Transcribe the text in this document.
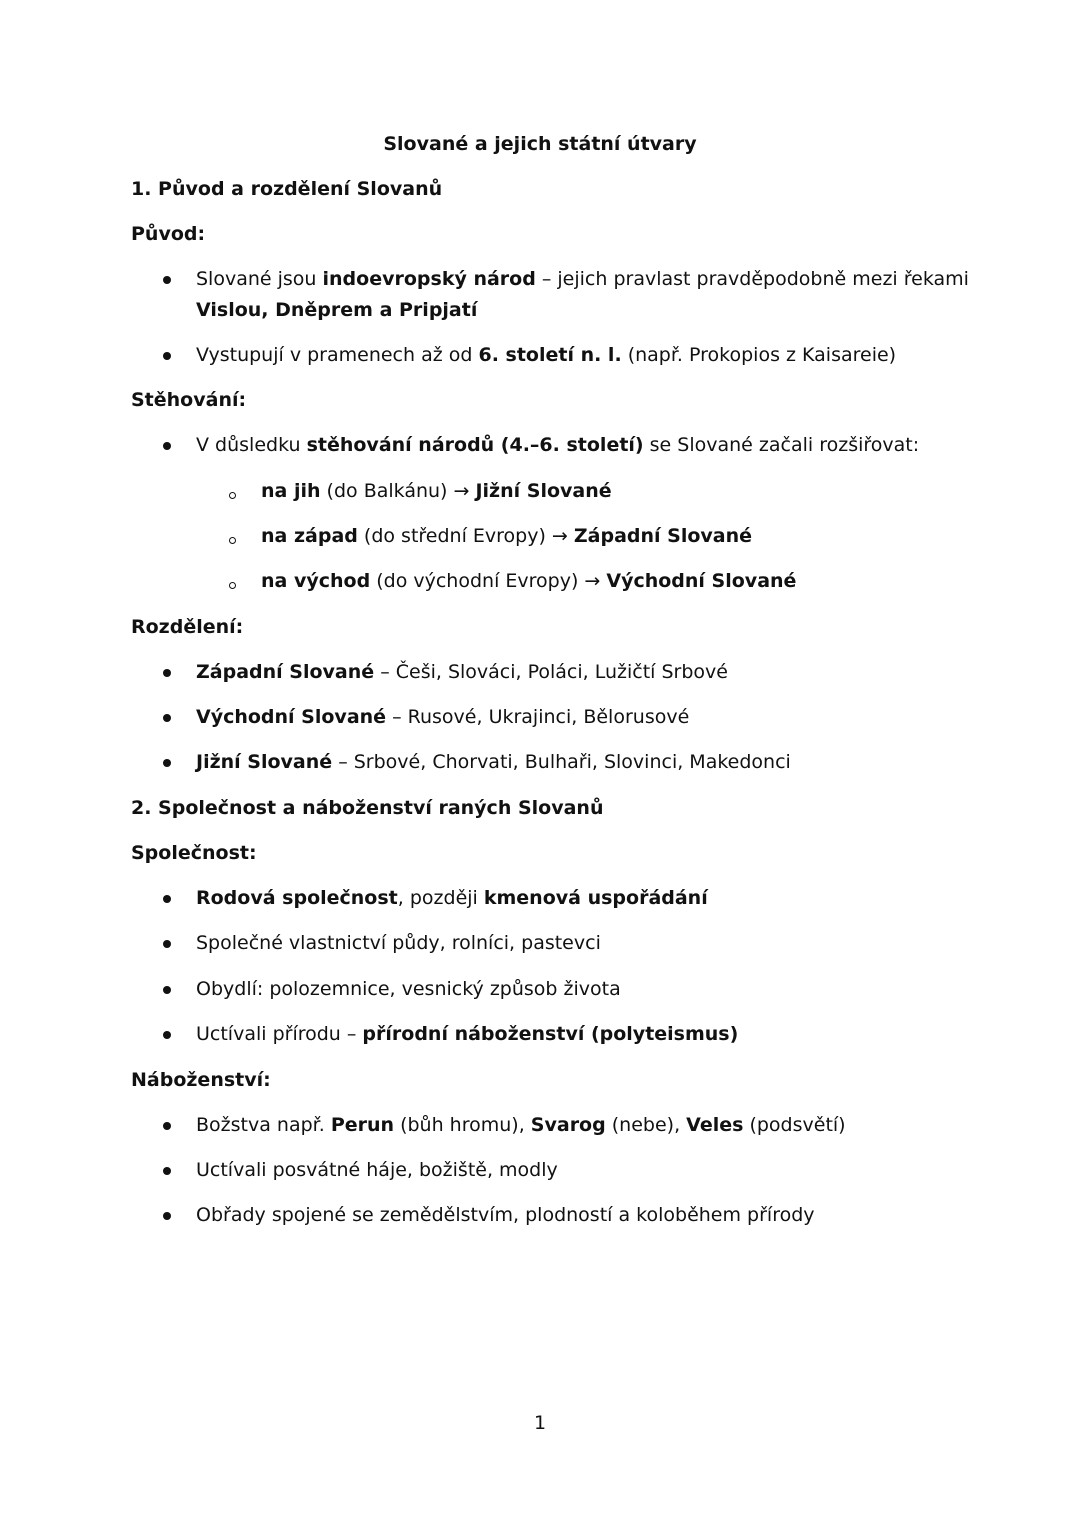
Slované a jejich státní útvary
1. Původ a rozdělení Slovanů
Původ:
Slované jsou indoevropský národ – jejich pravlast pravděpodobně mezi řekami
Vislou, Dněprem a Pripjatí
Vystupují v pramenech až od 6. století n. l. (např. Prokopios z Kaisareie)
Stěhování:
V důsledku stěhování národů (4.–6. století) se Slované začali rozšiřovat:
na jih (do Balkánu) → Jižní Slované
na západ (do střední Evropy) → Západní Slované
na východ (do východní Evropy) → Východní Slované
Rozdělení:
Západní Slované – Češi, Slováci, Poláci, Lužičtí Srbové
Východní Slované – Rusové, Ukrajinci, Bělorusové
Jižní Slované – Srbové, Chorvati, Bulhaři, Slovinci, Makedonci
2. Společnost a náboženství raných Slovanů
Společnost:
Rodová společnost, později kmenová uspořádání
Společné vlastnictví půdy, rolníci, pastevci
Obydlí: polozemnice, vesnický způsob života
Uctívali přírodu – přírodní náboženství (polyteismus)
Náboženství:
Božstva např. Perun (bůh hromu), Svarog (nebe), Veles (podsvětí)
Uctívali posvátné háje, božiště, modly
Obřady spojené se zemědělstvím, plodností a koloběhem přírody
1
